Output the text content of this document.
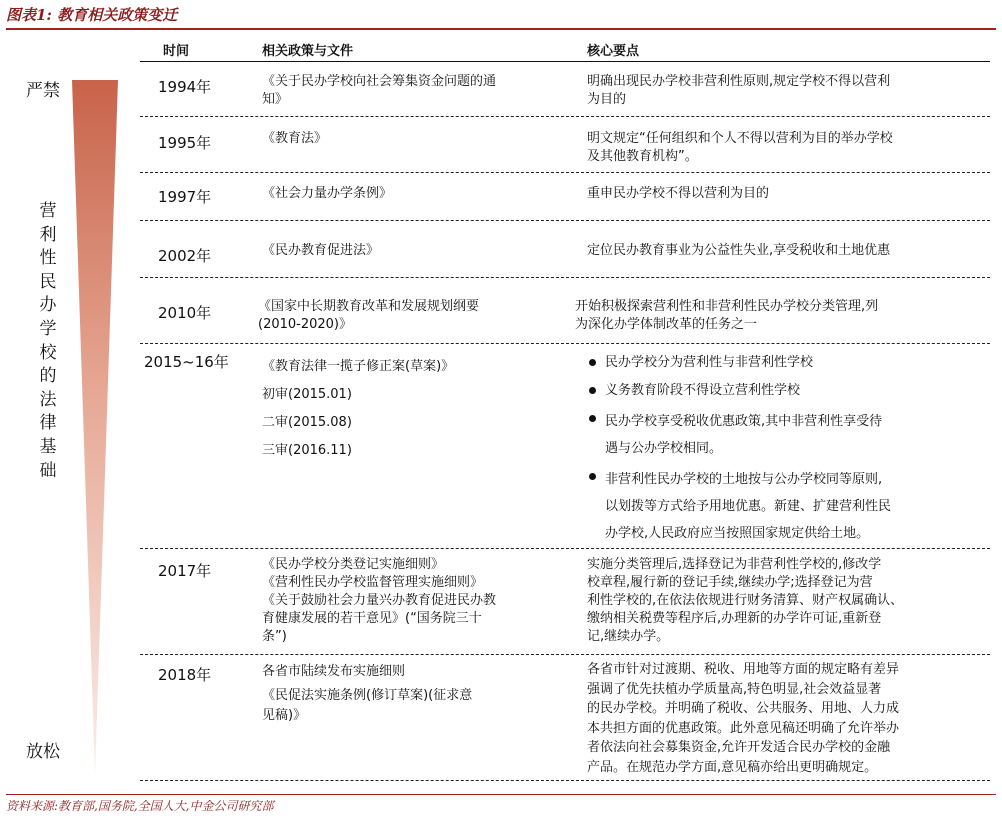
图表1: 教育相关政策变迁
严禁
放松
营
利
性
民
办
学
校
的
法
律
基
础
时间	相关政策与文件	核心要点
1994年
1995年
1997年
2002年
2010年
2015~16年
2017年
2018年
《关于民办学校向社会筹集资金问题的通
知》
《教育法》
《社会力量办学条例》
《民办教育促进法》
《国家中长期教育改革和发展规划纲要
(2010-2020)》
《教育法律一揽子修正案(草案)》
初审(2015.01)
二审(2015.08)
三审(2016.11)
《民办学校分类登记实施细则》
《营利性民办学校监督管理实施细则》
《关于鼓励社会力量兴办教育促进民办教
育健康发展的若干意见》(“国务院三十
条”)
各省市陆续发布实施细则
《民促法实施条例(修订草案)(征求意
见稿)》
明确出现民办学校非营利性原则,规定学校不得以营利
为目的
明文规定“任何组织和个人不得以营利为目的举办学校
及其他教育机构”。
重申民办学校不得以营利为目的
定位民办教育事业为公益性失业,享受税收和土地优惠
开始积极探索营利性和非营利性民办学校分类管理,列
为深化办学体制改革的任务之一
民办学校分为营利性与非营利性学校
义务教育阶段不得设立营利性学校
民办学校享受税收优惠政策,其中非营利性享受待
遇与公办学校相同。
非营利性民办学校的土地按与公办学校同等原则,
以划拨等方式给予用地优惠。新建、扩建营利性民
办学校,人民政府应当按照国家规定供给土地。
实施分类管理后,选择登记为非营利性学校的,修改学
校章程,履行新的登记手续,继续办学;选择登记为营
利性学校的,在依法依规进行财务清算、财产权属确认、
缴纳相关税费等程序后,办理新的办学许可证,重新登
记,继续办学。
各省市针对过渡期、税收、用地等方面的规定略有差异
强调了优先扶植办学质量高,特色明显,社会效益显著
的民办学校。并明确了税收、公共服务、用地、人力成
本共担方面的优惠政策。此外意见稿还明确了允许举办
者依法向社会募集资金,允许开发适合民办学校的金融
产品。在规范办学方面,意见稿亦给出更明确规定。
资料来源:教育部,国务院,全国人大,中金公司研究部
